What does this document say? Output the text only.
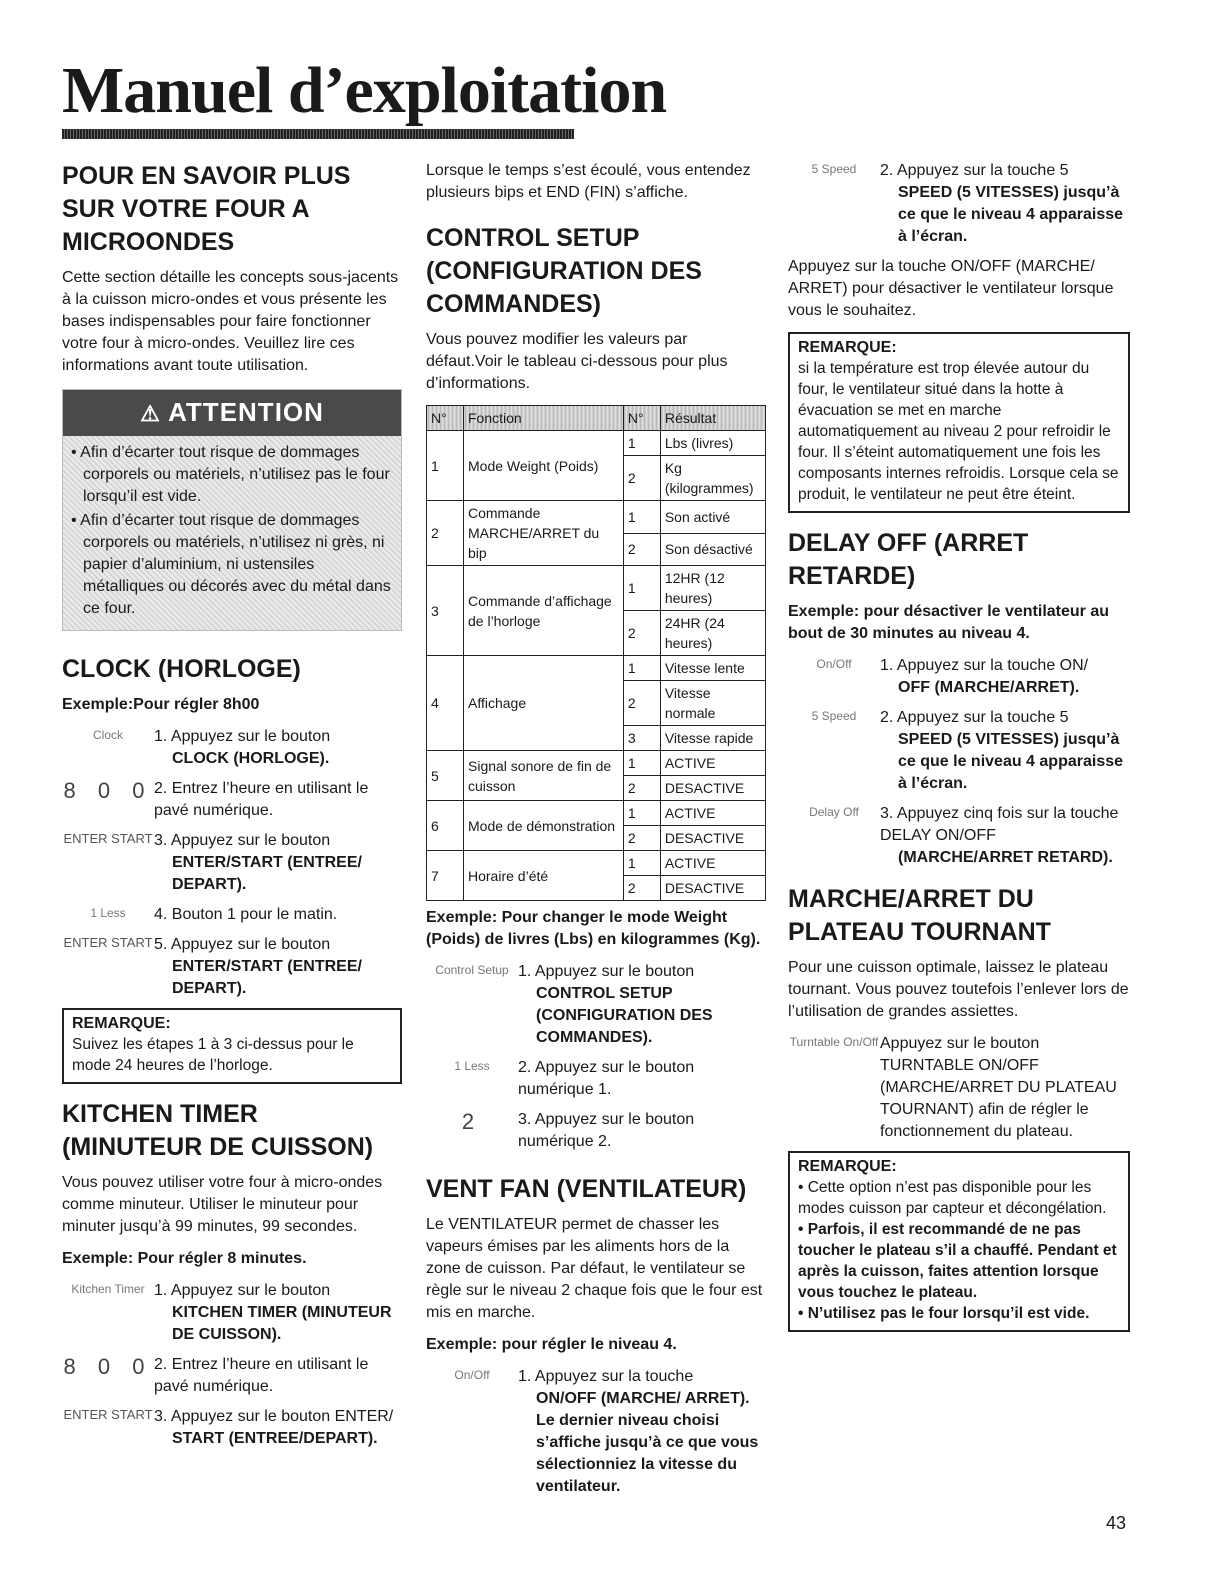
Manuel d’exploitation
POUR EN SAVOIR PLUS SUR VOTRE FOUR A MICROONDES

Cette section détaille les concepts sous-jacents à la cuisson micro-ondes et vous présente les bases indispensables pour faire fonctionner votre four à micro-ondes. Veuillez lire ces informations avant toute utilisation.

⚠ ATTENTION
• Afin d’écarter tout risque de dommages corporels ou matériels, n’utilisez pas le four lorsqu’il est vide.
• Afin d’écarter tout risque de dommages corporels ou matériels, n’utilisez ni grès, ni papier d’aluminium, ni ustensiles métalliques ou décorés avec du métal dans ce four.
CLOCK (HORLOGE)
Exemple:Pour régler 8h00
Clock	1. Appuyez sur le bouton
CLOCK (HORLOGE).
8 0 0 2. Entrez l’heure en utilisant le pavé numérique.
ENTER START 3. Appuyez sur le bouton
ENTER/START (ENTREE/ DEPART).
1 Less	4. Bouton 1 pour le matin.
ENTER START 5. Appuyez sur le bouton
ENTER/START (ENTREE/ DEPART).
REMARQUE:

Suivez les étapes 1 à 3 ci-dessus pour le mode 24 heures de l’horloge.

KITCHEN TIMER (MINUTEUR DE CUISSON)

Vous pouvez utiliser votre four à micro-ondes comme minuteur. Utiliser le minuteur pour minuter jusqu’à 99 minutes, 99 secondes.

Exemple: Pour régler 8 minutes.
Kitchen Timer 1. Appuyez sur le bouton
KITCHEN TIMER (MINUTEUR DE CUISSON).
8 0 0 2. Entrez l’heure en utilisant le pavé numérique.
ENTER START 3. Appuyez sur le bouton ENTER/
START (ENTREE/DEPART).

Lorsque le temps s’est écoulé, vous entendez plusieurs bips et END (FIN) s’affiche.

CONTROL SETUP (CONFIGURATION DES COMMANDES)

Vous pouvez modifier les valeurs par défaut.Voir le tableau ci-dessous pour plus d’informations.

N°	Fonction	N°	Résultat
1	Mode Weight (Poids)	1	Lbs (livres)
		2	Kg (kilogrammes)
2	Commande MARCHE/ARRET du bip	1	Son activé
		2	Son désactivé
3	Commande d’affichage de l’horloge	1	12HR (12 heures)
		2	24HR (24 heures)
4	Affichage	1	Vitesse lente
		2	Vitesse normale
		3	Vitesse rapide
5	Signal sonore de fin de cuisson	1	ACTIVE
		2	DESACTIVE
6	Mode de démonstration	1	ACTIVE
		2	DESACTIVE
7	Horaire d’été	1	ACTIVE
		2	DESACTIVE
Exemple: Pour changer le mode Weight (Poids) de livres (Lbs) en kilogrammes (Kg).
Control Setup 1. Appuyez sur le bouton
CONTROL SETUP (CONFIGURATION DES COMMANDES).
1 Less	2. Appuyez sur le bouton numérique 1.
2	3. Appuyez sur le bouton numérique 2.
VENT FAN (VENTILATEUR)

Le VENTILATEUR permet de chasser les vapeurs émises par les aliments hors de la zone de cuisson. Par défaut, le ventilateur se règle sur le niveau 2 chaque fois que le four est mis en marche.

Exemple: pour régler le niveau 4.
On/Off	1. Appuyez sur la touche
ON/OFF (MARCHE/ ARRET). Le dernier niveau choisi s’affiche jusqu’à ce que vous sélectionniez la vitesse du ventilateur.
5 Speed	2. Appuyez sur la touche 5
SPEED (5 VITESSES) jusqu’à ce que le niveau 4 apparaisse à l’écran.

Appuyez sur la touche ON/OFF (MARCHE/ ARRET) pour désactiver le ventilateur lorsque vous le souhaitez.

REMARQUE:

si la température est trop élevée autour du four, le ventilateur situé dans la hotte à évacuation se met en marche automatiquement au niveau 2 pour refroidir le four. Il s’éteint automatiquement une fois les composants internes refroidis. Lorsque cela se produit, le ventilateur ne peut être éteint.

DELAY OFF (ARRET RETARDE)
Exemple: pour désactiver le ventilateur au bout de 30 minutes au niveau 4.
On/Off	1. Appuyez sur la touche ON/
OFF (MARCHE/ARRET).
5 Speed	2. Appuyez sur la touche 5
SPEED (5 VITESSES) jusqu’à ce que le niveau 4 apparaisse à l’écran.
Delay Off	3. Appuyez cinq fois sur la touche DELAY ON/OFF
(MARCHE/ARRET RETARD).
MARCHE/ARRET DU PLATEAU TOURNANT

Pour une cuisson optimale, laissez le plateau tournant. Vous pouvez toutefois l’enlever lors de l’utilisation de grandes assiettes.

Turntable On/Off Appuyez sur le bouton TURNTABLE ON/OFF (MARCHE/ARRET DU PLATEAU TOURNANT) afin de régler le fonctionnement du plateau.
REMARQUE:
• Cette option n’est pas disponible pour les modes cuisson par capteur et décongélation.
• Parfois, il est recommandé de ne pas toucher le plateau s’il a chauffé. Pendant et après la cuisson, faites attention lorsque vous touchez le plateau.
• N’utilisez pas le four lorsqu’il est vide.
43
